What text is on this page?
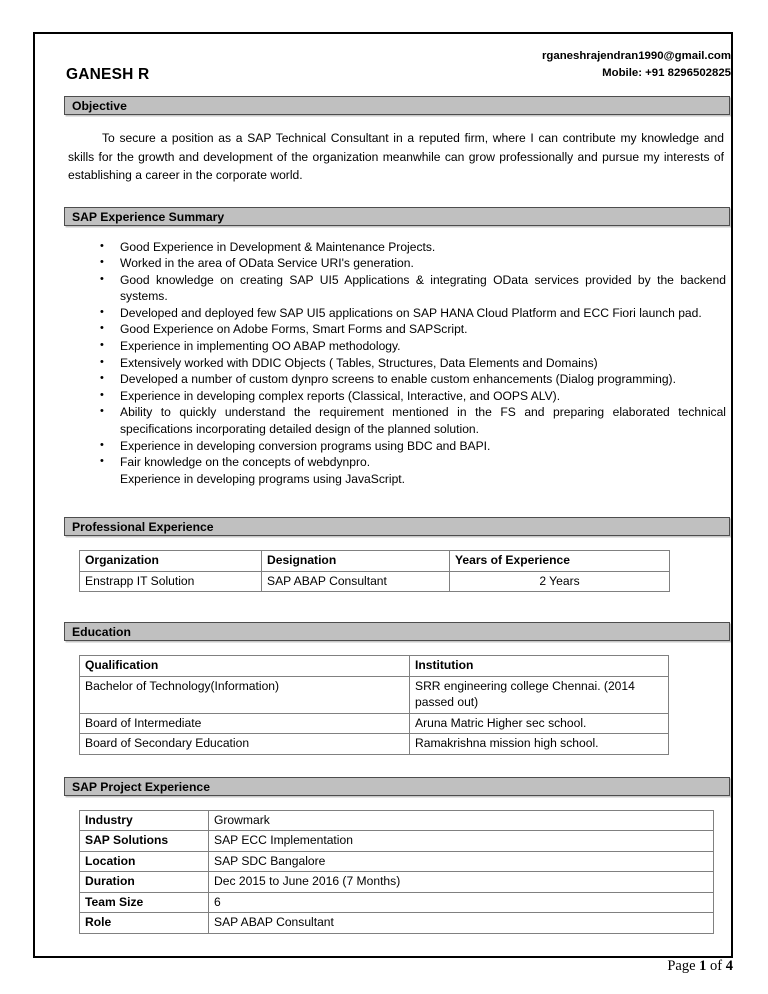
GANESH R
rganeshrajendran1990@gmail.com
Mobile: +91 8296502825
Objective
To secure a position as a SAP Technical Consultant in a reputed firm, where I can contribute my knowledge and skills for the growth and development of the organization meanwhile can grow professionally and pursue my interests of establishing a career in the corporate world.
SAP Experience Summary
• Good Experience in Development & Maintenance Projects.
• Worked in the area of OData Service URI's generation.
• Good knowledge on creating SAP UI5 Applications & integrating OData services provided by the backend systems.
• Developed and deployed few SAP UI5 applications on SAP HANA Cloud Platform and ECC Fiori launch pad.
• Good Experience on Adobe Forms, Smart Forms and SAPScript.
• Experience in implementing OO ABAP methodology.
• Extensively worked with DDIC Objects ( Tables, Structures, Data Elements and Domains)
• Developed a number of custom dynpro screens to enable custom enhancements (Dialog programming).
• Experience in developing complex reports (Classical, Interactive, and OOPS ALV).
• Ability to quickly understand the requirement mentioned in the FS and preparing elaborated technical specifications incorporating detailed design of the planned solution.
• Experience in developing conversion programs using BDC and BAPI.
• Fair knowledge on the concepts of webdynpro.
Experience in developing programs using JavaScript.
Professional Experience
Organization	Designation	Years of Experience
Enstrapp IT Solution	SAP ABAP Consultant	2 Years
Education
Qualification	Institution
Bachelor of Technology(Information)	SRR engineering college Chennai. (2014 passed out)
Board of Intermediate	Aruna Matric Higher sec school.
Board of Secondary Education	Ramakrishna mission high school.
SAP Project Experience
Industry	Growmark
SAP Solutions	SAP ECC Implementation
Location	SAP SDC Bangalore
Duration	Dec 2015 to June 2016 (7 Months)
Team Size	6
Role	SAP ABAP Consultant
Page 1 of 4
